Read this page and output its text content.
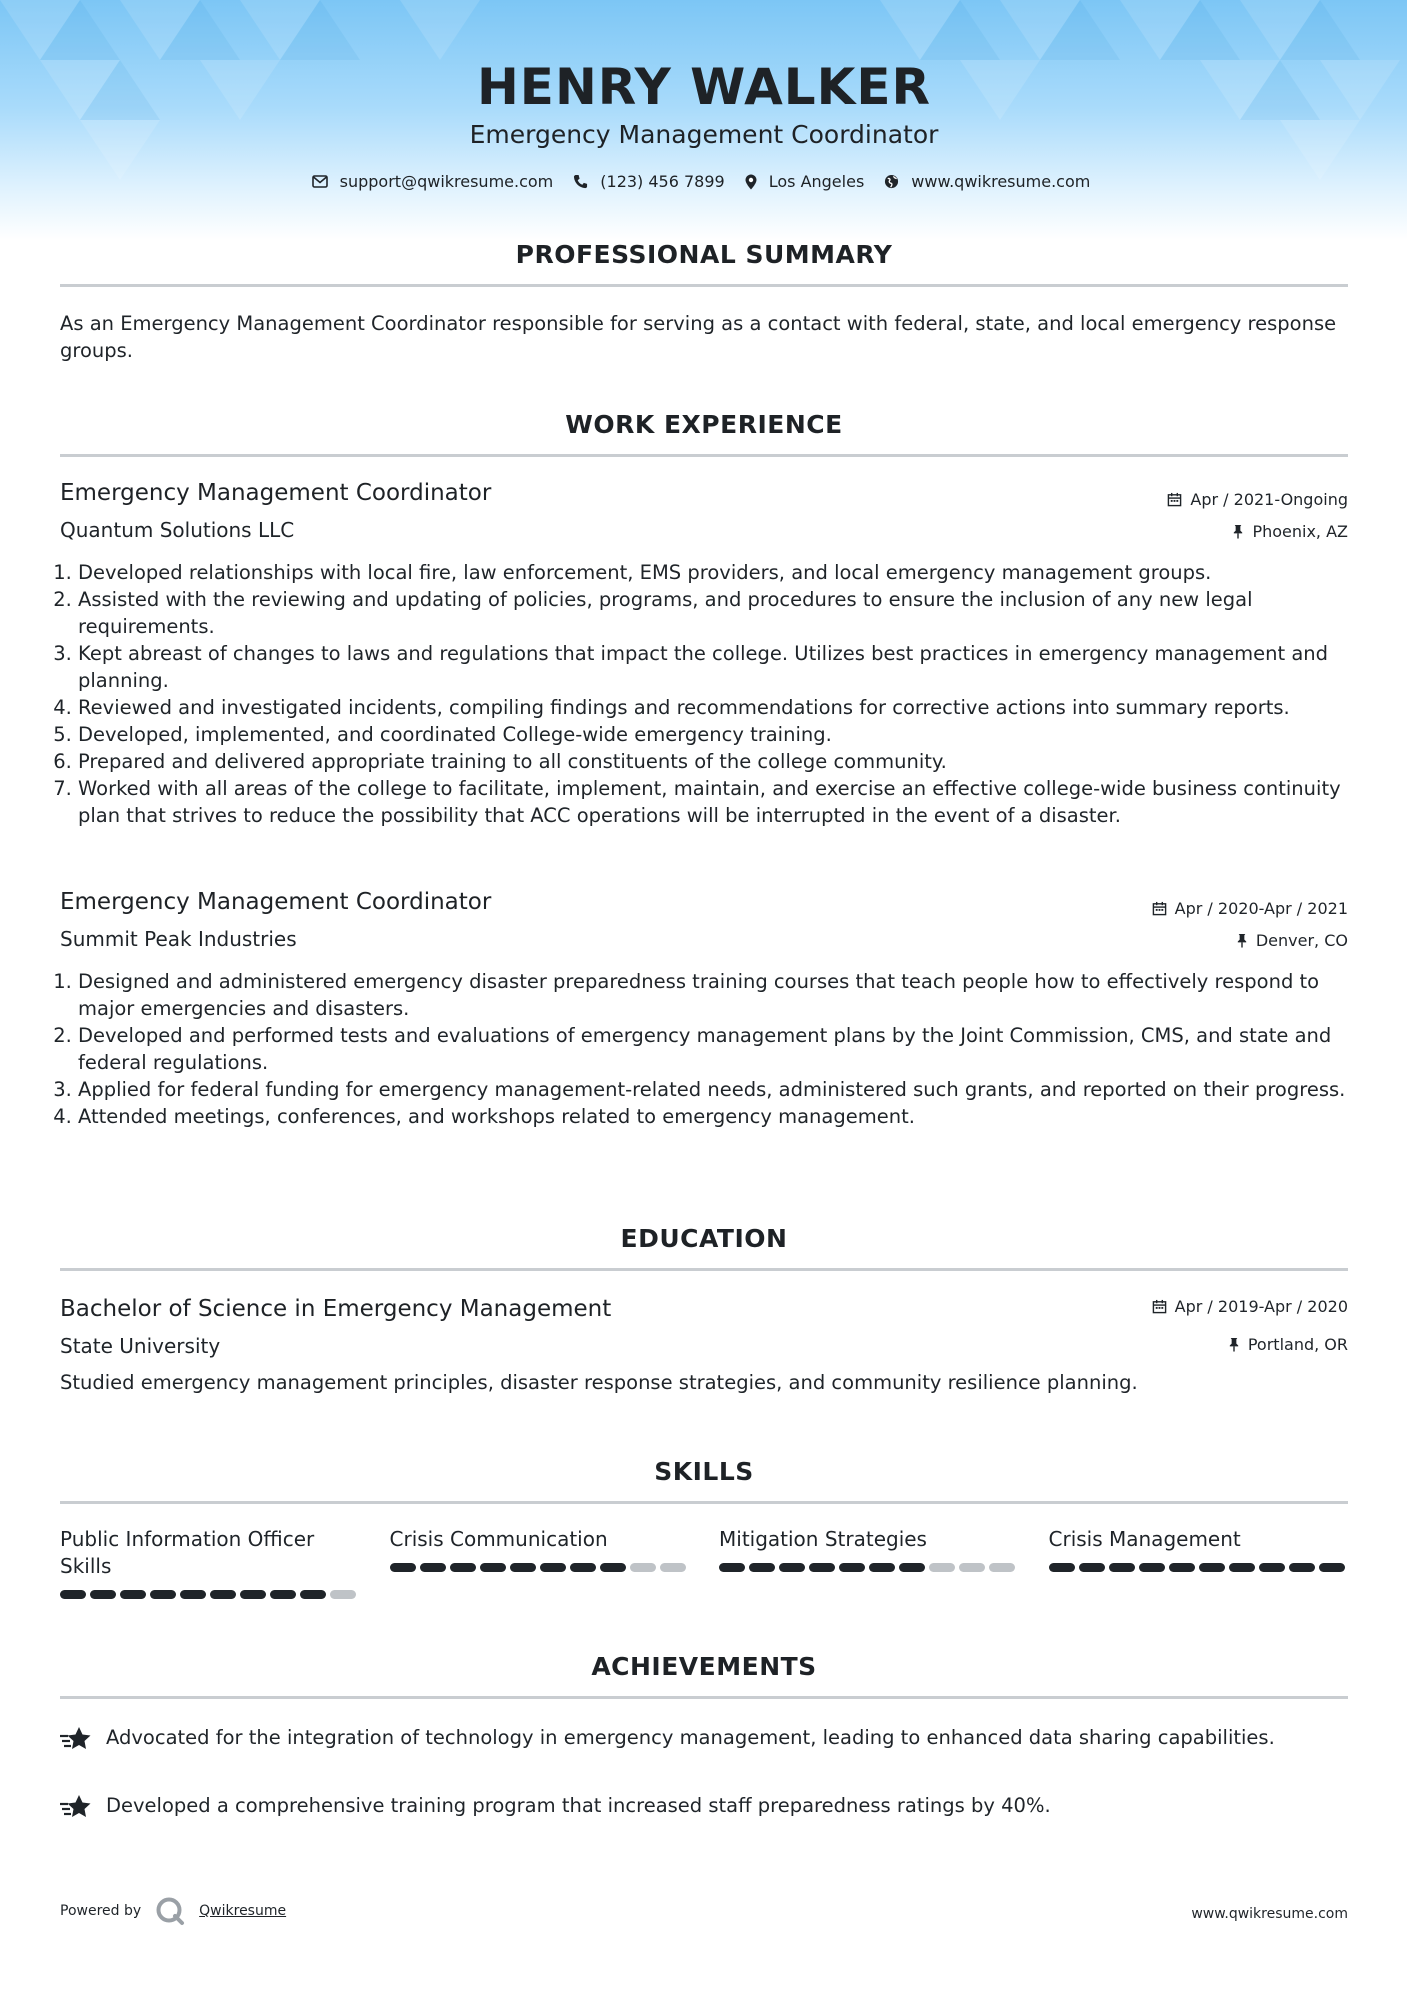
HENRY WALKER
Emergency Management Coordinator
support@qwikresume.com	(123) 456 7899	Los Angeles	www.qwikresume.com
PROFESSIONAL SUMMARY
As an Emergency Management Coordinator responsible for serving as a contact with federal, state, and local emergency response groups.
WORK EXPERIENCE
Emergency Management Coordinator	Apr / 2021-Ongoing
Quantum Solutions LLC	Phoenix, AZ
1. Developed relationships with local fire, law enforcement, EMS providers, and local emergency management groups.
2. Assisted with the reviewing and updating of policies, programs, and procedures to ensure the inclusion of any new legal requirements.
3. Kept abreast of changes to laws and regulations that impact the college. Utilizes best practices in emergency management and planning.
4. Reviewed and investigated incidents, compiling findings and recommendations for corrective actions into summary reports.
5. Developed, implemented, and coordinated College-wide emergency training.
6. Prepared and delivered appropriate training to all constituents of the college community.
7. Worked with all areas of the college to facilitate, implement, maintain, and exercise an effective college-wide business continuity plan that strives to reduce the possibility that ACC operations will be interrupted in the event of a disaster.
Emergency Management Coordinator	Apr / 2020-Apr / 2021
Summit Peak Industries	Denver, CO
1. Designed and administered emergency disaster preparedness training courses that teach people how to effectively respond to major emergencies and disasters.
2. Developed and performed tests and evaluations of emergency management plans by the Joint Commission, CMS, and state and federal regulations.
3. Applied for federal funding for emergency management-related needs, administered such grants, and reported on their progress.
4. Attended meetings, conferences, and workshops related to emergency management.
EDUCATION
Bachelor of Science in Emergency Management	Apr / 2019-Apr / 2020
State University	Portland, OR
Studied emergency management principles, disaster response strategies, and community resilience planning.
SKILLS
Public Information Officer Skills
Crisis Communication	Mitigation Strategies	Crisis Management
ACHIEVEMENTS
Advocated for the integration of technology in emergency management, leading to enhanced data sharing capabilities.
Developed a comprehensive training program that increased staff preparedness ratings by 40%.
Powered by	Qwikresume	www.qwikresume.com
